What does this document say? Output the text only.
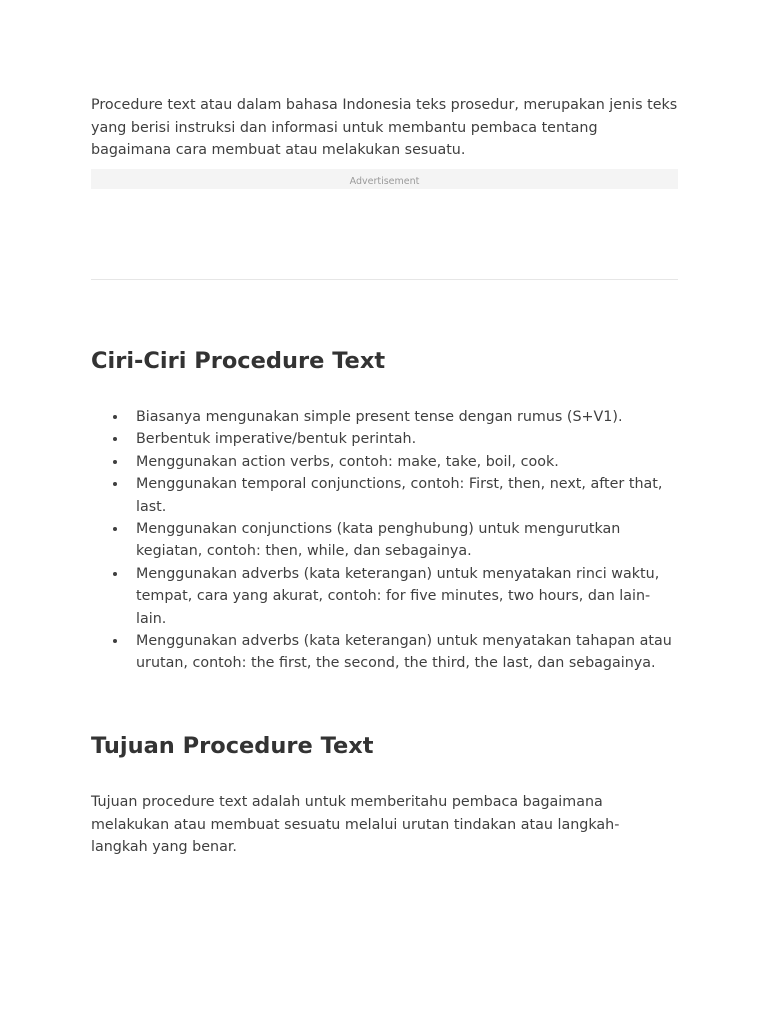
Procedure text atau dalam bahasa Indonesia teks prosedur, merupakan jenis teks yang berisi instruksi dan informasi untuk membantu pembaca tentang bagaimana cara membuat atau melakukan sesuatu.

Advertisement
Ciri-Ciri Procedure Text
Biasanya mengunakan simple present tense dengan rumus (S+V1).
Berbentuk imperative/bentuk perintah.
Menggunakan action verbs, contoh: make, take, boil, cook.
Menggunakan temporal conjunctions, contoh: First, then, next, after that, last.
Menggunakan conjunctions (kata penghubung) untuk mengurutkan kegiatan, contoh: then, while, dan sebagainya.
Menggunakan adverbs (kata keterangan) untuk menyatakan rinci waktu, tempat, cara yang akurat, contoh: for five minutes, two hours, dan lain-lain.
Menggunakan adverbs (kata keterangan) untuk menyatakan tahapan atau urutan, contoh: the first, the second, the third, the last, dan sebagainya.
Tujuan Procedure Text

Tujuan procedure text adalah untuk memberitahu pembaca bagaimana melakukan atau membuat sesuatu melalui urutan tindakan atau langkah-langkah yang benar.
